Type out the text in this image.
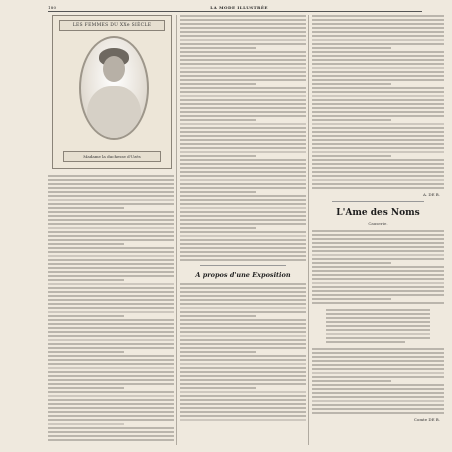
180	LA MODE ILLUSTRÉE
LES FEMMES DU XXe SIÈCLE
Madame la duchesse d'Uzès
A propos d'une Exposition
A. DE B.
L'Ame des Noms
Causerie.
Comte DE B.
